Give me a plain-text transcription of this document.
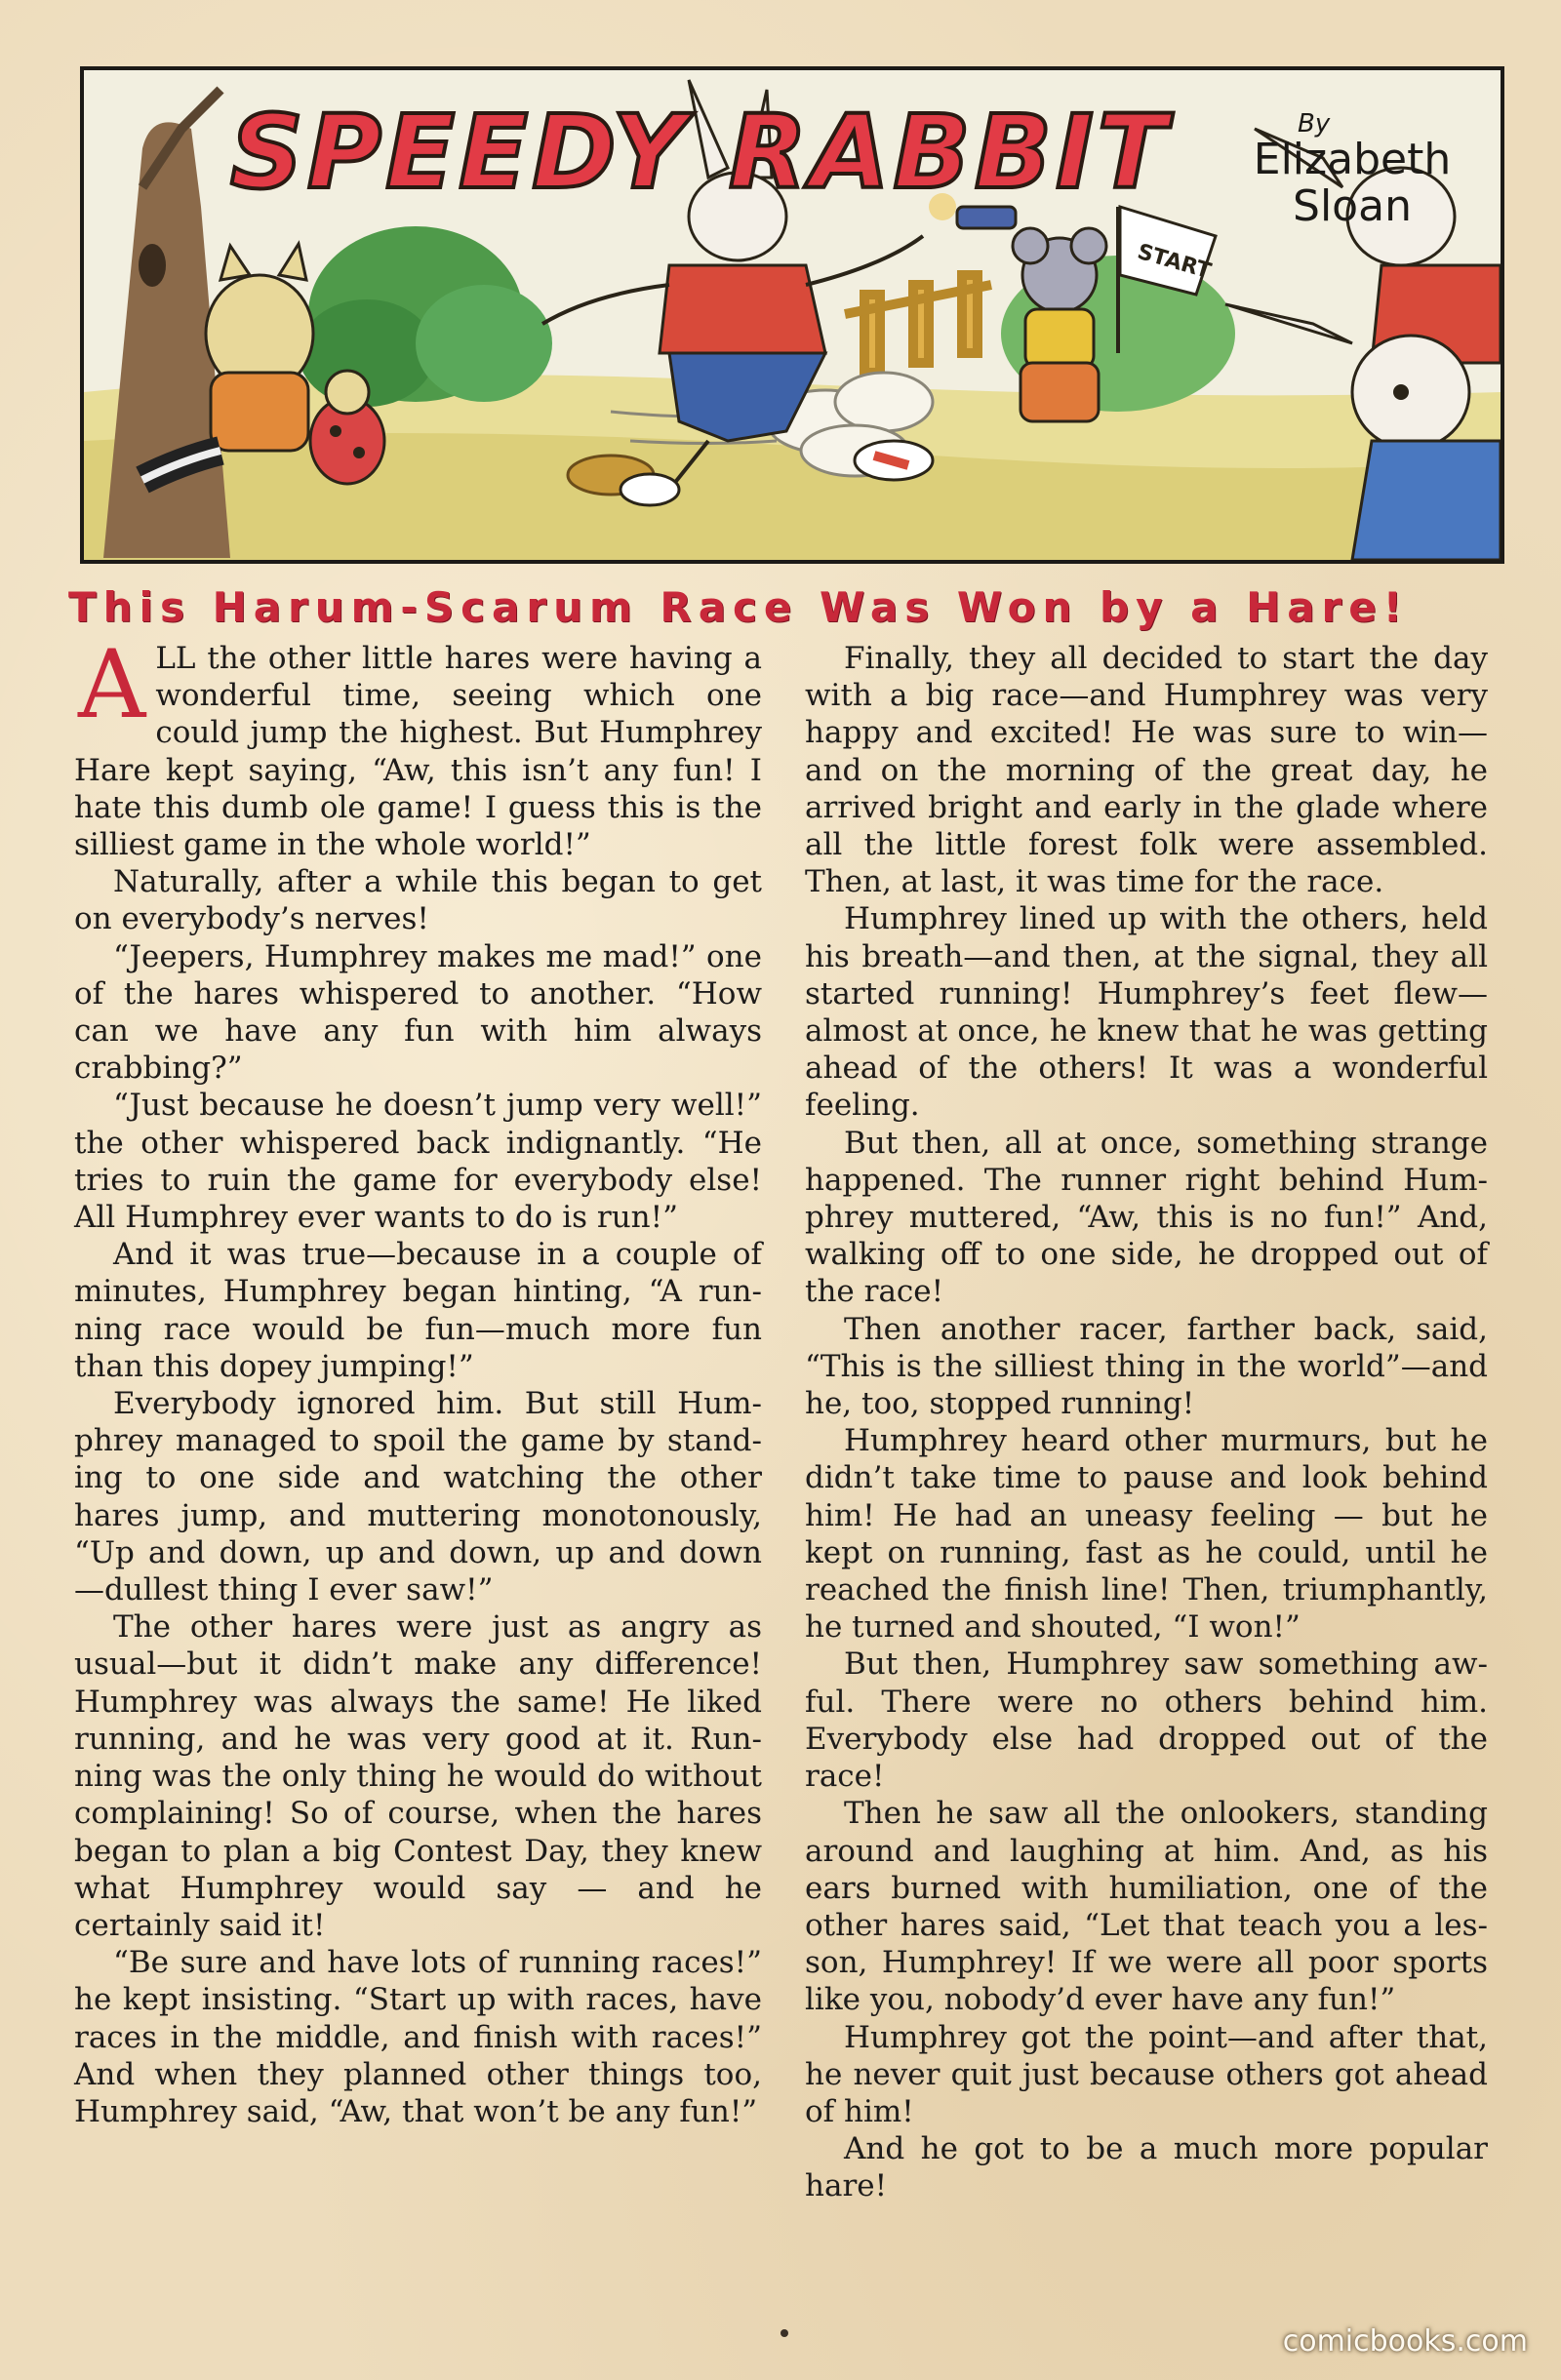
START
SPEEDY RABBIT	By
Elizabeth
Sloan
This Harum-Scarum Race Was Won by a Hare!
A LL the other little hares were having a wonderful time, seeing which one could jump the highest. But Humphrey Hare kept saying, “Aw, this isn’t any fun! I hate this dumb ole game! I guess this is the silliest game in the whole world!”

Naturally, after a while this began to get on everybody’s nerves!

“Jeepers, Humphrey makes me mad!” one of the hares whispered to another. “How can we have any fun with him always crabbing?”

“Just because he doesn’t jump very well!” the other whispered back indignantly. “He tries to ruin the game for everybody else! All Humphrey ever wants to do is run!”

And it was true—because in a couple of minutes, Humphrey began hinting, “A running race would be fun—much more fun than this dopey jumping!”

Everybody ignored him. But still Humphrey managed to spoil the game by standing to one side and watching the other hares jump, and muttering monotonously, “Up and down, up and down, up and down —dullest thing I ever saw!”

The other hares were just as angry as usual—but it didn’t make any difference! Humphrey was always the same! He liked running, and he was very good at it. Running was the only thing he would do without complaining! So of course, when the hares began to plan a big Contest Day, they knew what Humphrey would say — and he certainly said it!

“Be sure and have lots of running races!” he kept insisting. “Start up with races, have races in the middle, and finish with races!” And when they planned other things too, Humphrey said, “Aw, that won’t be any fun!”

Finally, they all decided to start the day with a big race—and Humphrey was very happy and excited! He was sure to win—and on the morning of the great day, he arrived bright and early in the glade where all the little forest folk were assembled. Then, at last, it was time for the race.

Humphrey lined up with the others, held his breath—and then, at the signal, they all started running! Humphrey’s feet flew—almost at once, he knew that he was getting ahead of the others! It was a wonderful feeling.

But then, all at once, something strange happened. The runner right behind Humphrey muttered, “Aw, this is no fun!” And, walking off to one side, he dropped out of the race!

Then another racer, farther back, said, “This is the silliest thing in the world”—and he, too, stopped running!

Humphrey heard other murmurs, but he didn’t take time to pause and look behind him! He had an uneasy feeling — but he kept on running, fast as he could, until he reached the finish line! Then, triumphantly, he turned and shouted, “I won!”

But then, Humphrey saw something awful. There were no others behind him. Everybody else had dropped out of the race!

Then he saw all the onlookers, standing around and laughing at him. And, as his ears burned with humiliation, one of the other hares said, “Let that teach you a lesson, Humphrey! If we were all poor sports like you, nobody’d ever have any fun!”

Humphrey got the point—and after that, he never quit just because others got ahead of him!

And he got to be a much more popular hare!

comicbooks.com
